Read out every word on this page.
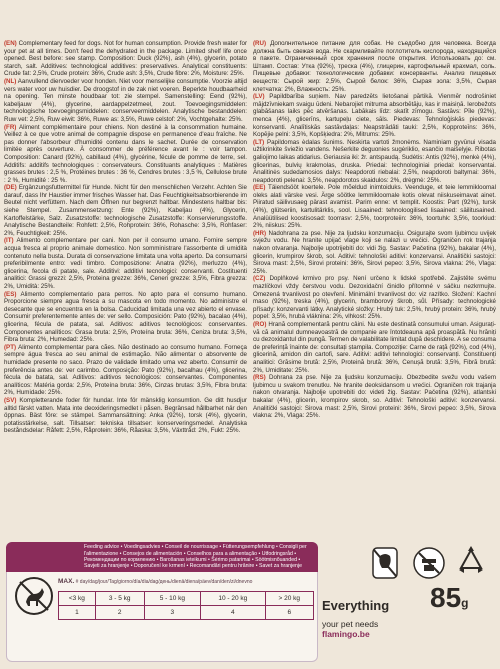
(EN) Complementary feed for dogs. Not for human consumption. Provide fresh water for your pet at all times. Don't feed the dehydrated in the package. Limited shelf life once opened. Best before: see stamp. Composition: Duck (92%), ash (4%), glycerin, potato starch, salt. Additives: technological additives: preservatives. Analytical constituents: Crude fat: 2,5%, Crude protein: 36%, Crude ash: 3,5%, Crude fibre: 2%, Moisture: 25%.

(NL) Aanvullend diervoeder voor honden. Niet voor menselijke consumptie. Voorzie altijd vers water voor uw huisdier. De droogstof in de zak niet voeren. Beperkte houdbaarheid na opening. Ten minste houdbaar tot: zie stempel. Samenstelling: Eend (92%), kabeljauw (4%), glycerine, aardappelzetmeel, zout. Toevoegingsmiddelen: technologische toevoegingsmiddelen: conserveermiddelen. Analytische bestanddelen: Ruw vet: 2,5%, Ruw eiwit: 36%, Ruwe as: 3,5%, Ruwe celstof: 2%, Vochtgehalte: 25%.

(FR) Aliment complémentaire pour chiens. Non destiné à la consommation humaine. Veillez à ce que votre animal de compagnie dispose en permanence d'eau fraîche. Ne pas donner l'absorbeur d'humidité contenu dans le sachet. Durée de conservation limitée après ouverture. À consommer de préférence avant le : voir tampon. Composition: Canard (92%), cabillaud (4%), glycérine, fécule de pomme de terre, sel. Additifs: additifs technologiques : conservateurs. Constituants analytiques : Matières grasses brutes : 2,5 %, Protéines brutes : 36 %, Cendres brutes : 3,5 %, Cellulose brute : 2 %, Humidité : 25 %.

(DE) Ergänzungsfuttermittel für Hunde. Nicht für den menschlichen Verzehr. Achten Sie darauf, dass Ihr Haustier immer frisches Wasser hat. Das Feuchtigkeitsabsorbierende im Beutel nicht verfüttern. Nach dem Öffnen nur begrenzt haltbar. Mindestens haltbar bis: siehe Stempel. Zusammensetzung: Ente (92%), Kabeljau (4%), Glycerin, Kartoffelstärke, Salz. Zusatzstoffe: technologische Zusatzstoffe: Konservierungsstoffe. Analytische Bestandteile: Rohfett: 2,5%, Rohprotein: 36%, Rohasche: 3,5%, Rohfaser: 2%, Feuchtigkeit: 25%.

(IT) Alimento complementare per cani. Non per il consumo umano. Fornire sempre acqua fresca al proprio animale domestico. Non somministrare l'assorbente di umidità contenuto nella busta. Durata di conservazione limitata una volta aperto. Da consumarsi preferibilmente entro: vedi timbro. Composizione: Anatra (92%), merluzzo (4%), glicerina, fecola di patate, sale. Additivi: additivi tecnologici: conservanti. Costituenti analitici: Grassi grezzi: 2,5%, Proteina grezze: 36%, Ceneri grezze: 3,5%, Fibra grezza: 2%, Umidità: 25%.

(ES) Alimento complementario para perros. No apto para el consumo humano. Proporcione siempre agua fresca a su mascota en todo momento. No administre el desecante que se encuentra en la bolsa. Caducidad limitada una vez abierto el envase. Consumir preferentemente antes de: ver sello. Composición: Pato (92%), bacalao (4%), glicerina, fécula de patata, sal. Aditivos: aditivos tecnológicos: conservantes. Componentes analíticos: Grasa bruta: 2,5%, Proteína bruta: 36%, Ceniza bruta: 3,5%, Fibra bruta: 2%, Humedad: 25%.

(PT) Alimento complementar para cães. Não destinado ao consumo humano. Forneça sempre água fresca ao seu animal de estimação. Não alimentar o absorvente de humidade presente no saco. Prazo de validade limitado uma vez aberto. Consumir de preferência antes de: ver carimbo. Composição: Pato (92%), bacalhau (4%), glicerina, fécula de batata, sal. Aditivos: aditivos tecnológicos: conservantes. Componentes analíticos: Matéria gorda: 2,5%, Proteína bruta: 36%, Cinzas brutas: 3,5%, Fibra bruta: 2%, Humidade: 25%.

(SV) Kompletterande foder för hundar. Inte för mänsklig konsumtion. Ge ditt husdjur alltid färskt vatten. Mata inte deoxideringsmedlet i påsen. Begränsad hållbarhet när den öppnas. Bäst före: se stämpel. Sammansättning: Anka (92%), torsk (4%), glycerin, potatisstärkelse, salt. Tillsatser: tekniska tillsatser: konserveringsmedel. Analytiska beståndsdelar: Råfett: 2,5%, Råprotein: 36%, Råaska: 3,5%, Växttråd: 2%, Fukt: 25%.

(RU) Дополнительное питание для собак. Не съедобно для человека. Всегда должна быть свежая вода. Не скармливайте поглотитель кислорода, находящийся в пакете. Ограниченный срок хранения после открытия. Использовать до: см. Штамп. Состав: Утка (92%), треска (4%), глицерин, картофельный крахмал, соль. Пищевые добавки: технологические добавки: консерванты. Анализ пищевых веществ: Сырой жир: 2,5%, Сырой белок: 36%, Сырая зола: 3,5%, Сырая клетчатка: 2%, Влажность: 25%.

(LV) Papildbarība suņiem. Nav paredzēts lietošanai pārtikā. Vienmēr nodrošiniet mājdzīvniekam svaigu ūdeni. Nebarojiet mitruma absorbētāju, kas ir maisiņā. Ierobežots glabāšanas laiks pēc atvēršanas. Labākais līdz: skatīt zīmogu. Sastāvs: Pīle (92%), menca (4%), glicerīns, kartupeļu ciete, sāls. Piedevas: Tehnoloģiskās piedevas: konservanti. Analītiskās sastāvdaļas: Neapstrādāti tauki: 2,5%, Kopproteīns: 36%, Kopējie pelni: 3,5%, Kopšķiedra: 2%, Mitrums: 25%.

(LT) Papildomas ėdalas šunims. Neskirta vartoti žmonėms. Naminiam gyvūnui visada užtikrinkite šviežio vandens. Nešerkite deguonies sugėriklio, esančio maišelyje. Ribotas galiojimo laikas atidarius. Geriausia iki: žr. antspaudą. Sudėtis: Antis (92%), menkė (4%), glicerinas, bulvių krakmolas, druska. Priedai: technologiniai priedai: konservantai. Analitinės sudedamosios dalys: Neapdoroti riebalai: 2,5%, neapdoroti baltymai: 36%, neapdoroti pelenai: 3,5%, neapdorotos skaidulos: 2%, drėgmė: 25%.

(EE) Täiendsööt koertele. Pole mõeldud inimtoiduks. Veenduge, et teie lemmikloomal oleks alati värske vesi. Ärge söötke lemmikloomale kotis olevat niiskuseimavat ainet. Piiratud säilivusaeg pärast avamist. Parim enne: vt templit. Koostis: Part (92%), tursk (4%), glütseriin, kartulitärklis, sool. Lisaained: tehnoloogilised lisaained: säilitusained. Analüütilised koostisosad: toorrasv: 2,5%, toorproteiin: 36%, toortuhk: 3,5%, toorkiud: 2%, niiskus: 25%.

(HR) Nadohrana za pse. Nije za ljudsku konzumaciju. Osigurajte svom ljubimcu uvijek svježu vodu. Ne hranite upijač vlage koji se nalazi u vrećici. Ograničen rok trajanja nakon otvaranja. Najbolje upotrijebiti do: vidi žig. Sastav: Pačetina (92%), bakalar (4%), glicerin, krumpirov škrob, sol. Aditivi: tehnološki aditivi: konzervansi. Analitički sastojci: Sirova mast: 2,5%, Sirovi proteini: 36%, Sirovi pepeo: 3,5%, Sirova vlakna: 2%, Vlaga: 25%.

(CZ) Doplňkové krmivo pro psy. Není určeno k lidské spotřebě. Zajistěte svému mazlíčkovi vždy čerstvou vodu. Dezoxidační činidlo přítomné v sáčku nezkrmujte. Omezená trvanlivost po otevření. Minimální trvanlivost do: viz razítko. Složení: Kachní maso (92%), treska (4%), glycerin, bramborový škrob, sůl. Přísady: technologické přísady: konzervanti látky. Analytické složky: Hrubý tuk: 2,5%, hrubý protein: 36%, hrubý popel: 3,5%, hrubá vláknina: 2%, vlhkost: 25%.

(RO) Hrană complementară pentru câini. Nu este destinată consumului uman. Asigurați-vă că animalul dumneavoastră de companie are întotdeauna apă proaspătă. Nu hrăniți cu dezoxidantul din pungă. Termen de valabilitate limitat după deschidere. A se consuma de preferință înainte de: consultați ștampila. Compoziție: Carne de rață (92%), cod (4%), glicerină, amidon din cartofi, sare. Aditivi: aditivi tehnologici: conservanți. Constituenți analitici: Grăsime brută: 2,5%, Proteină brută: 36%, Cenușă brută: 3,5%, Fibră brută: 2%, Umiditate: 25%.

(RS) Dohrana za pse. Nije za ljudsku konzumaciju. Obezbedite svežu vodu vašem ljubimcu u svakom trenutku. Ne hranite deoksidansom u vrećici. Ograničen rok trajanja nakon otvaranja. Najbolje upotrebiti do: videti žig. Sastav: Pačetina (92%), atlantski bakalar (4%), glicerin, krompirov skrob, so. Aditivi: Tehnološki aditivi: konzervansi. Analitički sastojci: Sirova mast: 2,5%, Sirovi proteini: 36%, Sirovi pepeo: 3,5%, Sirova vlakna: 2%, Vlaga: 25%.

Feeding advice • Voedingsadvies • Conseil de nourrissage • Fütterungsempfehlung • Consigli per l'alimentazione • Consejos de alimentación • Conselhos para a alimentação • Utfodringsråd • Рекомендации по кормлению • Barošanas ieteikumi • Šėrimo patarimai • Söötmisnõuanded • Savjeti za hranjenje • Doporučení ke krmení • Recomandări pentru hrănire • Savet za hranjenje
MAX. # day/dag/jour/Tag/giorno/día/dia/dag/день/dienā/diena/päev/dan/den/zi/dnevno
<3 kg	3 - 5 kg	5 - 10 kg	10 - 20 kg	> 20 kg
1	2	3	4	6 Everything
your pet needs flamingo.be
85g
